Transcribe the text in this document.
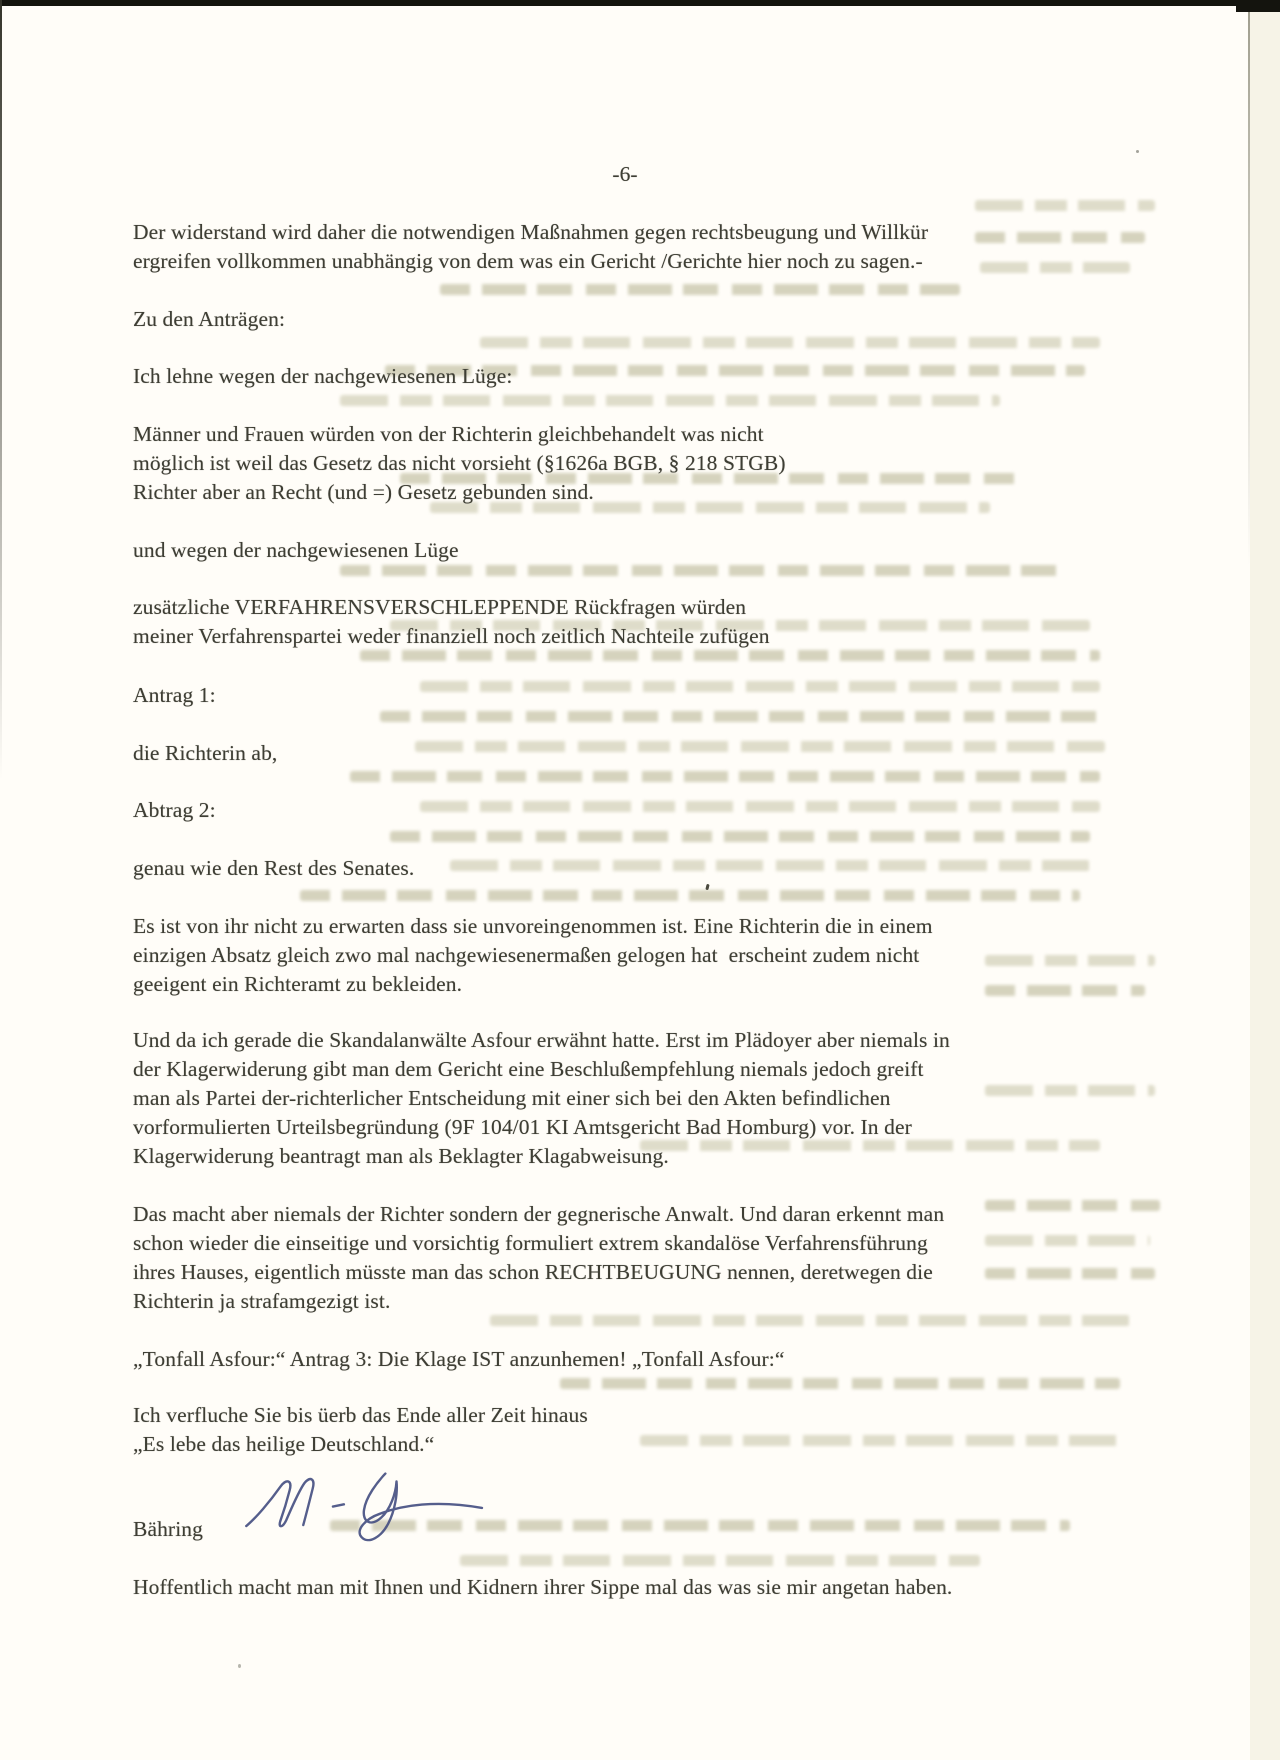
-6-
Der widerstand wird daher die notwendigen Maßnahmen gegen rechtsbeugung und Willkür
ergreifen vollkommen unabhängig von dem was ein Gericht /Gerichte hier noch zu sagen.-
Zu den Anträgen:
Ich lehne wegen der nachgewiesenen Lüge:
Männer und Frauen würden von der Richterin gleichbehandelt was nicht
möglich ist weil das Gesetz das nicht vorsieht (§1626a BGB, § 218 STGB)
Richter aber an Recht (und =) Gesetz gebunden sind.
und wegen der nachgewiesenen Lüge
zusätzliche VERFAHRENSVERSCHLEPPENDE Rückfragen würden
meiner Verfahrenspartei weder finanziell noch zeitlich Nachteile zufügen
Antrag 1:
die Richterin ab,
Abtrag 2:
genau wie den Rest des Senates.
Es ist von ihr nicht zu erwarten dass sie unvoreingenommen ist. Eine Richterin die in einem
einzigen Absatz gleich zwo mal nachgewiesenermaßen gelogen hat  erscheint zudem nicht
geeigent ein Richteramt zu bekleiden.
Und da ich gerade die Skandalanwälte Asfour erwähnt hatte. Erst im Plädoyer aber niemals in
der Klagerwiderung gibt man dem Gericht eine Beschlußempfehlung niemals jedoch greift
man als Partei der-richterlicher Entscheidung mit einer sich bei den Akten befindlichen
vorformulierten Urteilsbegründung (9F 104/01 KI Amtsgericht Bad Homburg) vor. In der
Klagerwiderung beantragt man als Beklagter Klagabweisung.
Das macht aber niemals der Richter sondern der gegnerische Anwalt. Und daran erkennt man
schon wieder die einseitige und vorsichtig formuliert extrem skandalöse Verfahrensführung
ihres Hauses, eigentlich müsste man das schon RECHTBEUGUNG nennen, deretwegen die
Richterin ja strafamgezigt ist.
„Tonfall Asfour:“ Antrag 3: Die Klage IST anzunhemen! „Tonfall Asfour:“
Ich verfluche Sie bis üerb das Ende aller Zeit hinaus
„Es lebe das heilige Deutschland.“
Bähring
Hoffentlich macht man mit Ihnen und Kidnern ihrer Sippe mal das was sie mir angetan haben.
